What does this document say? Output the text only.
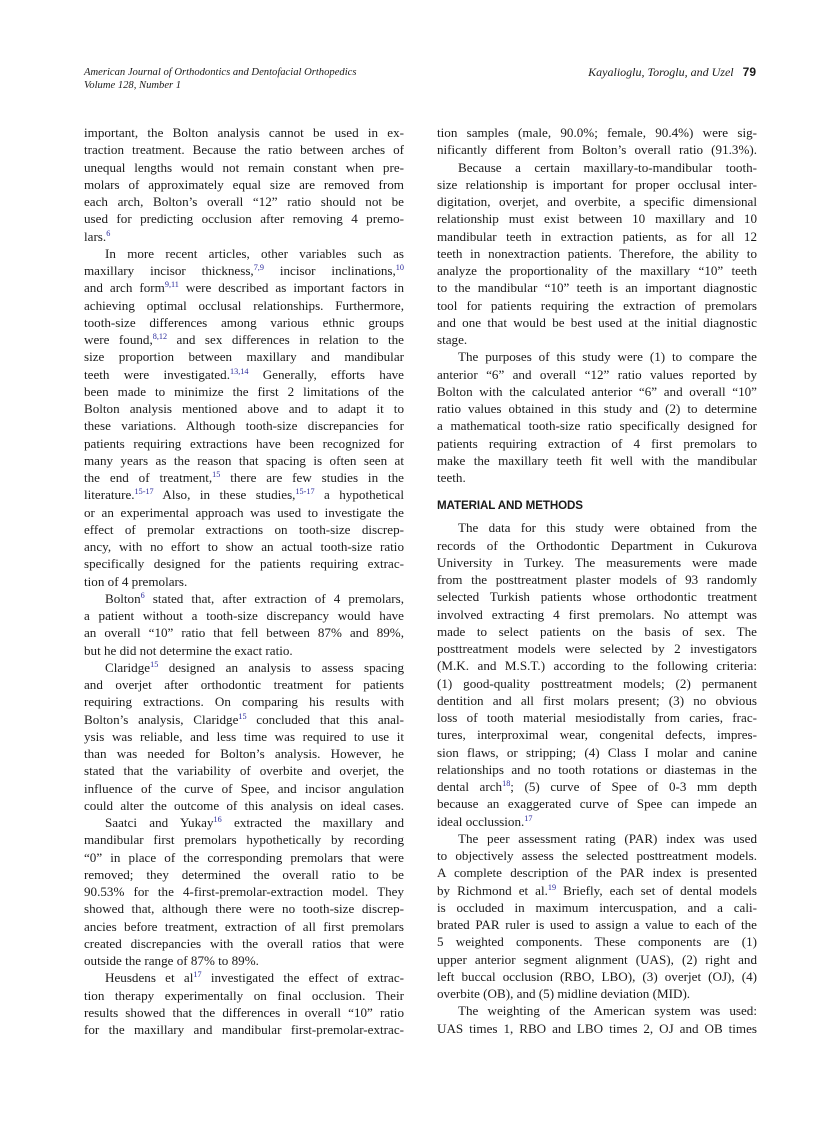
American Journal of Orthodontics and Dentofacial Orthopedics
Volume 128, Number 1
Kayalioglu, Toroglu, and Uzel 79

important, the Bolton analysis cannot be used in ex-
traction treatment. Because the ratio between arches of
unequal lengths would not remain constant when pre-
molars of approximately equal size are removed from
each arch, Bolton’s overall “12” ratio should not be
used for predicting occlusion after removing 4 premo-
lars.$^6$

In more recent articles, other variables such as
maxillary incisor thickness,$^{7,9}$ incisor inclinations,$^{10}$
and arch form$^{9,11}$ were described as important factors in
achieving optimal occlusal relationships. Furthermore,
tooth-size differences among various ethnic groups
were found,$^{8,12}$ and sex differences in relation to the
size proportion between maxillary and mandibular
teeth were investigated.$^{13,14}$ Generally, efforts have
been made to minimize the first 2 limitations of the
Bolton analysis mentioned above and to adapt it to
these variations. Although tooth-size discrepancies for
patients requiring extractions have been recognized for
many years as the reason that spacing is often seen at
the end of treatment,$^{15}$ there are few studies in the
literature.$^{15-17}$ Also, in these studies,$^{15-17}$ a hypothetical
or an experimental approach was used to investigate the
effect of premolar extractions on tooth-size discrep-
ancy, with no effort to show an actual tooth-size ratio
specifically designed for the patients requiring extrac-
tion of 4 premolars.

Bolton$^6$ stated that, after extraction of 4 premolars,
a patient without a tooth-size discrepancy would have
an overall “10” ratio that fell between 87% and 89%,
but he did not determine the exact ratio.

Claridge$^{15}$ designed an analysis to assess spacing
and overjet after orthodontic treatment for patients
requiring extractions. On comparing his results with
Bolton’s analysis, Claridge$^{15}$ concluded that this anal-
ysis was reliable, and less time was required to use it
than was needed for Bolton’s analysis. However, he
stated that the variability of overbite and overjet, the
influence of the curve of Spee, and incisor angulation
could alter the outcome of this analysis on ideal cases.

Saatci and Yukay$^{16}$ extracted the maxillary and
mandibular first premolars hypothetically by recording
“0” in place of the corresponding premolars that were
removed; they determined the overall ratio to be
90.53% for the 4-first-premolar-extraction model. They
showed that, although there were no tooth-size discrep-
ancies before treatment, extraction of all first premolars
created discrepancies with the overall ratios that were
outside the range of 87% to 89%.

Heusdens et $al^{17}$ investigated the effect of extrac-
tion therapy experimentally on final occlusion. Their
results showed that the differences in overall “10” ratio
for the maxillary and mandibular first-premolar-extrac-

tion samples (male, 90.0%; female, 90.4%) were sig-
nificantly different from Bolton’s overall ratio (91.3%).

Because a certain maxillary-to-mandibular tooth-
size relationship is important for proper occlusal inter-
digitation, overjet, and overbite, a specific dimensional
relationship must exist between 10 maxillary and 10
mandibular teeth in extraction patients, as for all 12
teeth in nonextraction patients. Therefore, the ability to
analyze the proportionality of the maxillary “10” teeth
to the mandibular “10” teeth is an important diagnostic
tool for patients requiring the extraction of premolars
and one that would be best used at the initial diagnostic
stage.

The purposes of this study were (1) to compare the
anterior “6” and overall “12” ratio values reported by
Bolton with the calculated anterior “6” and overall “10”
ratio values obtained in this study and (2) to determine
a mathematical tooth-size ratio specifically designed for
patients requiring extraction of 4 first premolars to
make the maxillary teeth fit well with the mandibular
teeth.

MATERIAL AND METHODS

The data for this study were obtained from the
records of the Orthodontic Department in Cukurova
University in Turkey. The measurements were made
from the posttreatment plaster models of 93 randomly
selected Turkish patients whose orthodontic treatment
involved extracting 4 first premolars. No attempt was
made to select patients on the basis of sex. The
posttreatment models were selected by 2 investigators
(M.K. and M.S.T.) according to the following criteria:
(1) good-quality posttreatment models; (2) permanent
dentition and all first molars present; (3) no obvious
loss of tooth material mesiodistally from caries, frac-
tures, interproximal wear, congenital defects, impres-
sion flaws, or stripping; (4) Class I molar and canine
relationships and no tooth rotations or diastemas in the
dental arch$^{18}$; (5) curve of Spee of 0-3 mm depth
because an exaggerated curve of Spee can impede an
ideal occlussion.$^{17}$

The peer assessment rating (PAR) index was used
to objectively assess the selected posttreatment models.
A complete description of the PAR index is presented
by Richmond et al.$^{19}$ Briefly, each set of dental models
is occluded in maximum intercuspation, and a cali-
brated PAR ruler is used to assign a value to each of the
5 weighted components. These components are (1)
upper anterior segment alignment (UAS), (2) right and
left buccal occlusion (RBO, LBO), (3) overjet (OJ), (4)
overbite (OB), and (5) midline deviation (MID).

The weighting of the American system was used:
UAS times 1, RBO and LBO times 2, OJ and OB times
